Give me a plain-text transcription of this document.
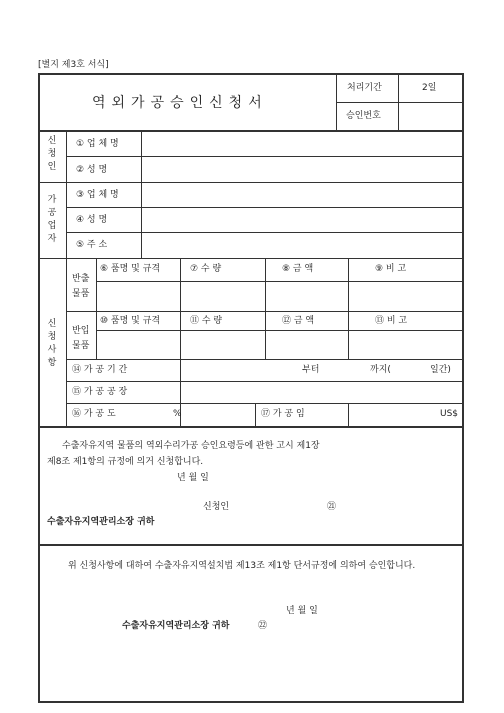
[별지 제3호 서식]
역외가공승인신청서
처리기간	2일
승인번호
신
청
인
① 업 체 명
② 성 명
가
공
업
자
③ 업 체 명
④ 성 명
⑤ 주 소
신
청
사
항
반출물품
⑥ 품명 및 규격	⑦ 수 량	⑧ 금 액	⑨ 비 고
반입물품
⑩ 품명 및 규격	⑪ 수 량	⑫ 금 액	⑬ 비 고
⑭ 가 공 기 간	부터	까지(	일간)
⑮ 가 공 공 장
⑯ 가 공 도	%	⑰ 가 공 임	US$
수출자유지역 물품의 역외수리가공 승인요령등에 관한 고시 제1장
제8조 제1항의 규정에 의거 신청합니다.
년 월 일
신청인	㉑
수출자유지역관리소장 귀하
위 신청사항에 대하여 수출자유지역설치법 제13조 제1항 단서규정에 의하여 승인합니다.
년 월 일
수출자유지역관리소장 귀하	㉒
